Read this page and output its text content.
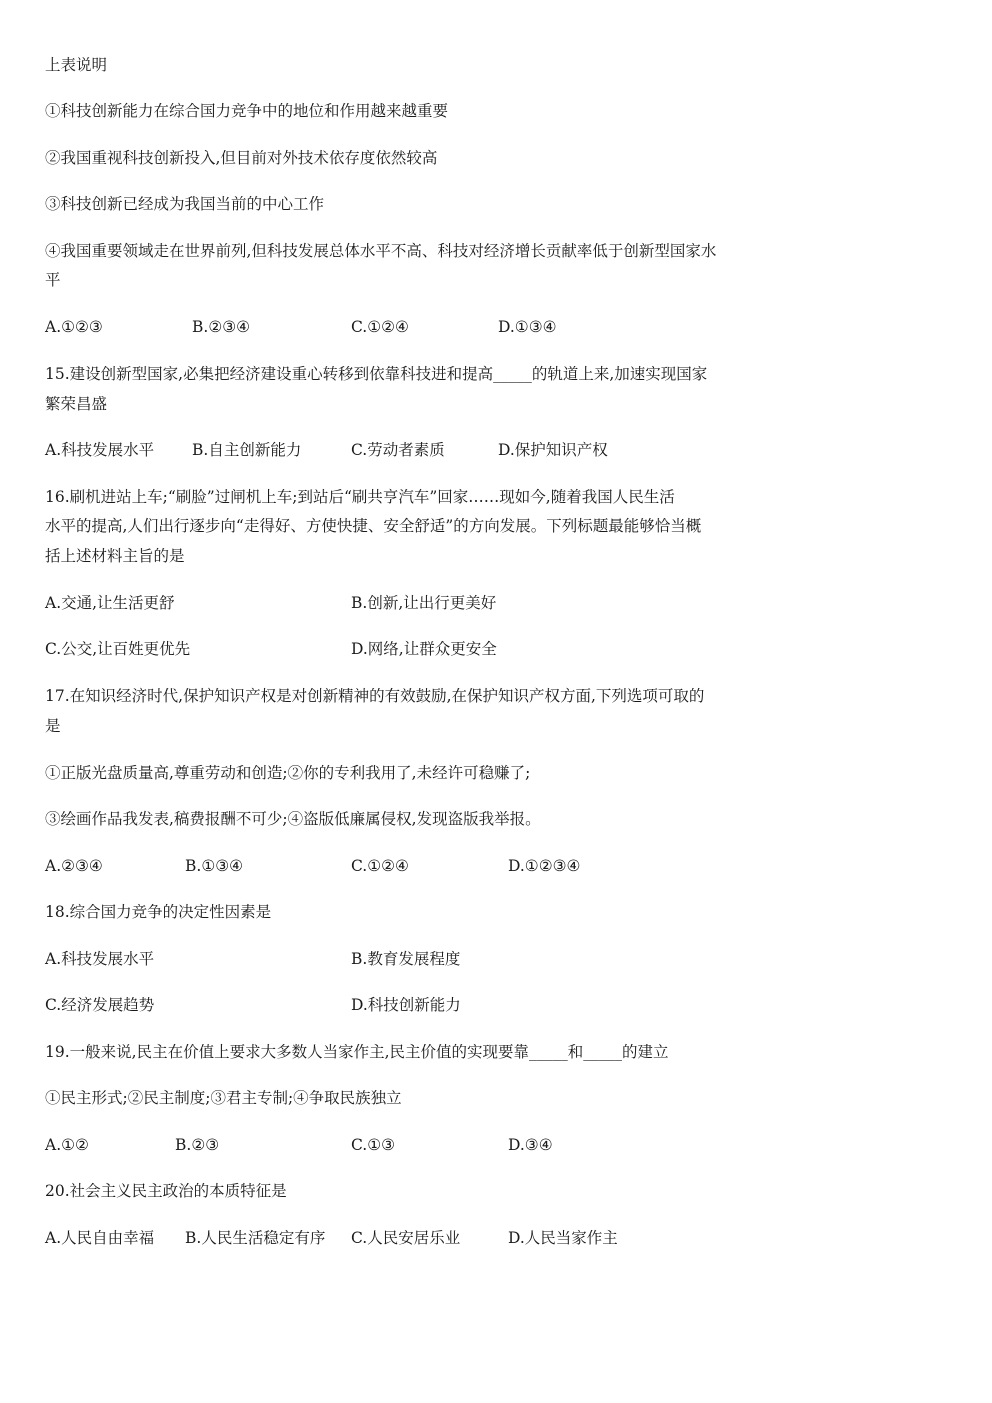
上表说明
①科技创新能力在综合国力竞争中的地位和作用越来越重要
②我国重视科技创新投入,但目前对外技术依存度依然较高
③科技创新已经成为我国当前的中心工作
④我国重要领域走在世界前列,但科技发展总体水平不高、科技对经济增长贡献率低于创新型国家水
平
A.①②③	B.②③④	C.①②④	D.①③④
15.建设创新型国家,必集把经济建设重心转移到依靠科技进和提高_____的轨道上来,加速实现国家
繁荣昌盛
A.科技发展水平 B.自主创新能力	C.劳动者素质	D.保护知识产权
16.刷机进站上车;“刷脸”过闸机上车;到站后“刷共亨汽车”回家……现如今,随着我国人民生活
水平的提高,人们出行逐步向“走得好、方使快捷、安全舒适”的方向发展。下列标题最能够恰当概
括上述材料主旨的是
A.交通,让生活更舒	B.创新,让出行更美好
C.公交,让百姓更优先	D.网络,让群众更安全
17.在知识经济时代,保护知识产权是对创新精神的有效鼓励,在保护知识产权方面,下列选项可取的
是
①正版光盘质量高,尊重劳动和创造;②你的专利我用了,未经许可稳赚了;
③绘画作品我发表,稿费报酬不可少;④盗版低廉属侵权,发现盗版我举报。
A.②③④	B.①③④	C.①②④	D.①②③④
18.综合国力竞争的决定性因素是
A.科技发展水平	B.教育发展程度
C.经济发展趋势	D.科技创新能力
19.一般来说,民主在价值上要求大多数人当家作主,民主价值的实现要靠_____和_____的建立
①民主形式;②民主制度;③君主专制;④争取民族独立
A.①②	B.②③	C.①③	D.③④
20.社会主义民主政治的本质特征是
A.人民自由幸福 B.人民生活稳定有序 C.人民安居乐业	D.人民当家作主
